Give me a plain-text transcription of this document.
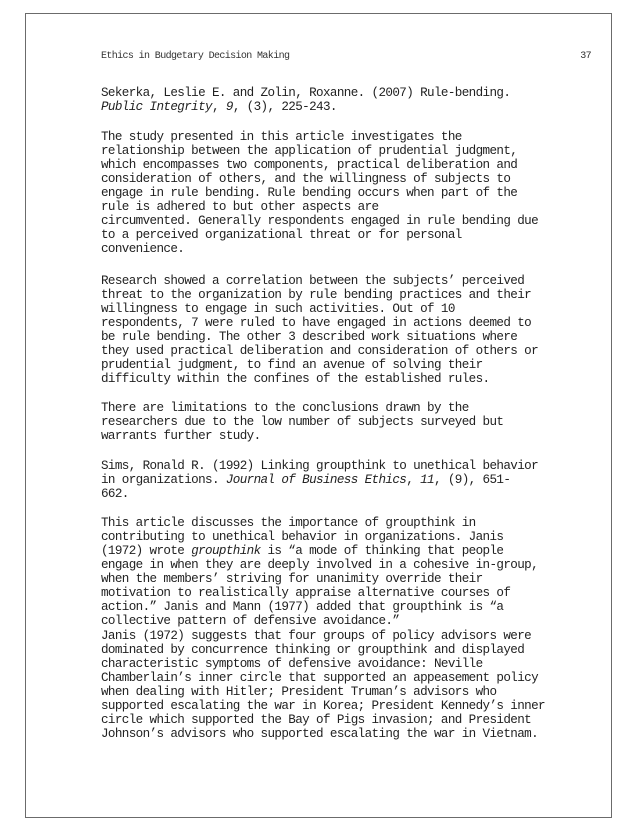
Ethics in Budgetary Decision Making	37
Sekerka, Leslie E. and Zolin, Roxanne. (2007) Rule-bending.
Public Integrity, 9, (3), 225-243.

The study presented in this article investigates the
relationship between the application of prudential judgment,
which encompasses two components, practical deliberation and
consideration of others, and the willingness of subjects to
engage in rule bending. Rule bending occurs when part of the
rule is adhered to but other aspects are
circumvented. Generally respondents engaged in rule bending due
to a perceived organizational threat or for personal
convenience.

Research showed a correlation between the subjects’ perceived
threat to the organization by rule bending practices and their
willingness to engage in such activities. Out of 10
respondents, 7 were ruled to have engaged in actions deemed to
be rule bending. The other 3 described work situations where
they used practical deliberation and consideration of others or
prudential judgment, to find an avenue of solving their
difficulty within the confines of the established rules.

There are limitations to the conclusions drawn by the
researchers due to the low number of subjects surveyed but
warrants further study.

Sims, Ronald R. (1992) Linking groupthink to unethical behavior
in organizations. Journal of Business Ethics, 11, (9), 651-
662.

This article discusses the importance of groupthink in
contributing to unethical behavior in organizations. Janis
(1972) wrote groupthink is “a mode of thinking that people
engage in when they are deeply involved in a cohesive in-group,
when the members’ striving for unanimity override their
motivation to realistically appraise alternative courses of
action.” Janis and Mann (1977) added that groupthink is “a
collective pattern of defensive avoidance.”

Janis (1972) suggests that four groups of policy advisors were
dominated by concurrence thinking or groupthink and displayed
characteristic symptoms of defensive avoidance: Neville
Chamberlain’s inner circle that supported an appeasement policy
when dealing with Hitler; President Truman’s advisors who
supported escalating the war in Korea; President Kennedy’s inner
circle which supported the Bay of Pigs invasion; and President
Johnson’s advisors who supported escalating the war in Vietnam.
